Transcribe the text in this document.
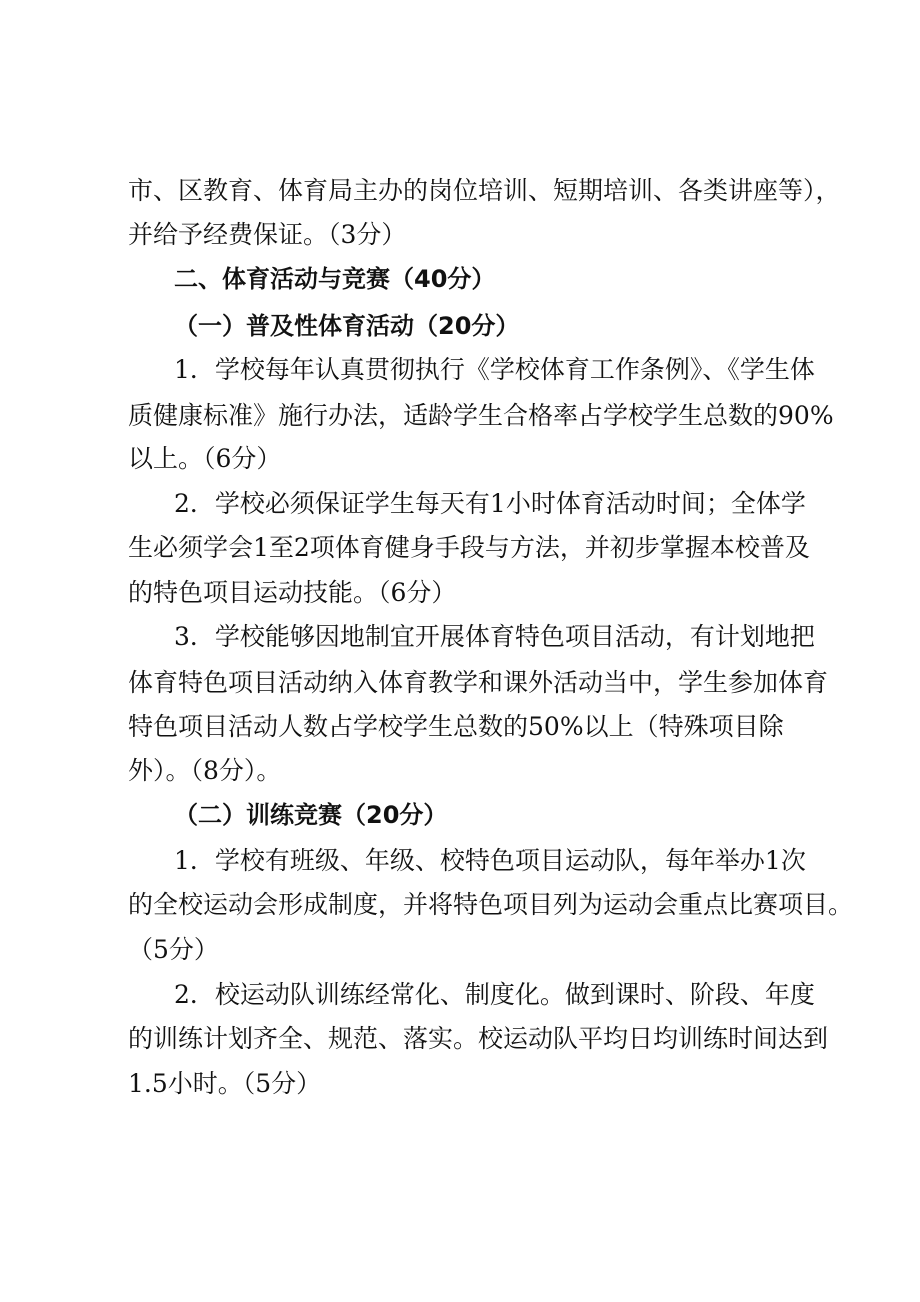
市、区教育、体育局主办的岗位培训、短期培训、各类讲座等），
并给予经费保证。（3分）
二、体育活动与竞赛（40分）
（一）普及性体育活动（20分）
1．学校每年认真贯彻执行《学校体育工作条例》、《学生体
质健康标准》施行办法，适龄学生合格率占学校学生总数的90%
以上。（6分）
2．学校必须保证学生每天有1小时体育活动时间；全体学
生必须学会1至2项体育健身手段与方法，并初步掌握本校普及
的特色项目运动技能。（6分）
3．学校能够因地制宜开展体育特色项目活动，有计划地把
体育特色项目活动纳入体育教学和课外活动当中，学生参加体育
特色项目活动人数占学校学生总数的50%以上（特殊项目除
外）。（8分）。
（二）训练竞赛（20分）
1．学校有班级、年级、校特色项目运动队，每年举办1次
的全校运动会形成制度，并将特色项目列为运动会重点比赛项目。
（5分）
2．校运动队训练经常化、制度化。做到课时、阶段、年度
的训练计划齐全、规范、落实。校运动队平均日均训练时间达到
1.5小时。（5分）
